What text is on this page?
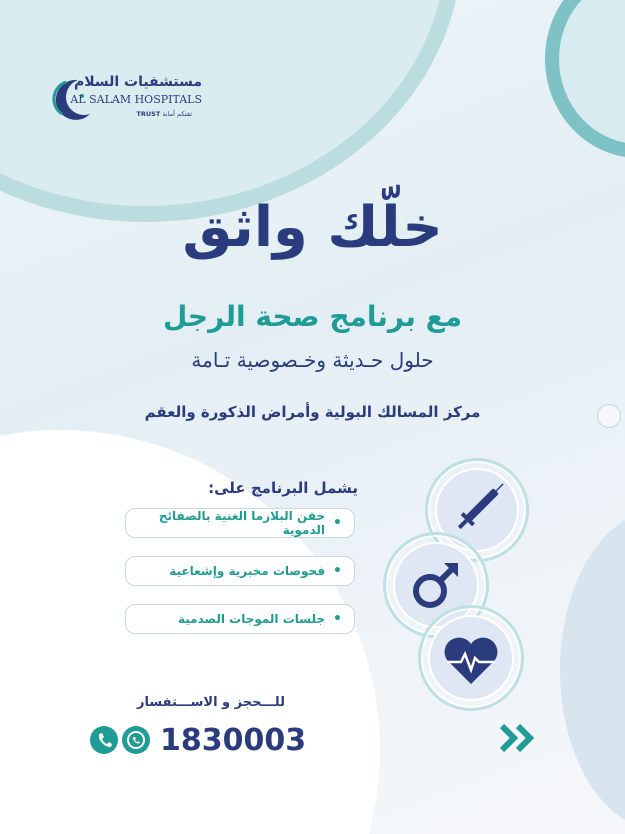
مستشفيات السلام
AL SALAM HOSPITALS
TRUST ثقتكم أمانة
خلّك واثق
مع برنامج صحة الرجل
حلول حـديثة وخـصوصية تـامة
مركز المسالك البولية وأمراض الذكورة والعقم
يشمل البرنامج على:
•
حقن البلازما الغنية بالصفائح الدموية
•
فحوصات مخبرية وإشعاعية
•
جلسات الموجات الصدمية
للـــحجز و الاســـتفسار
1830003
